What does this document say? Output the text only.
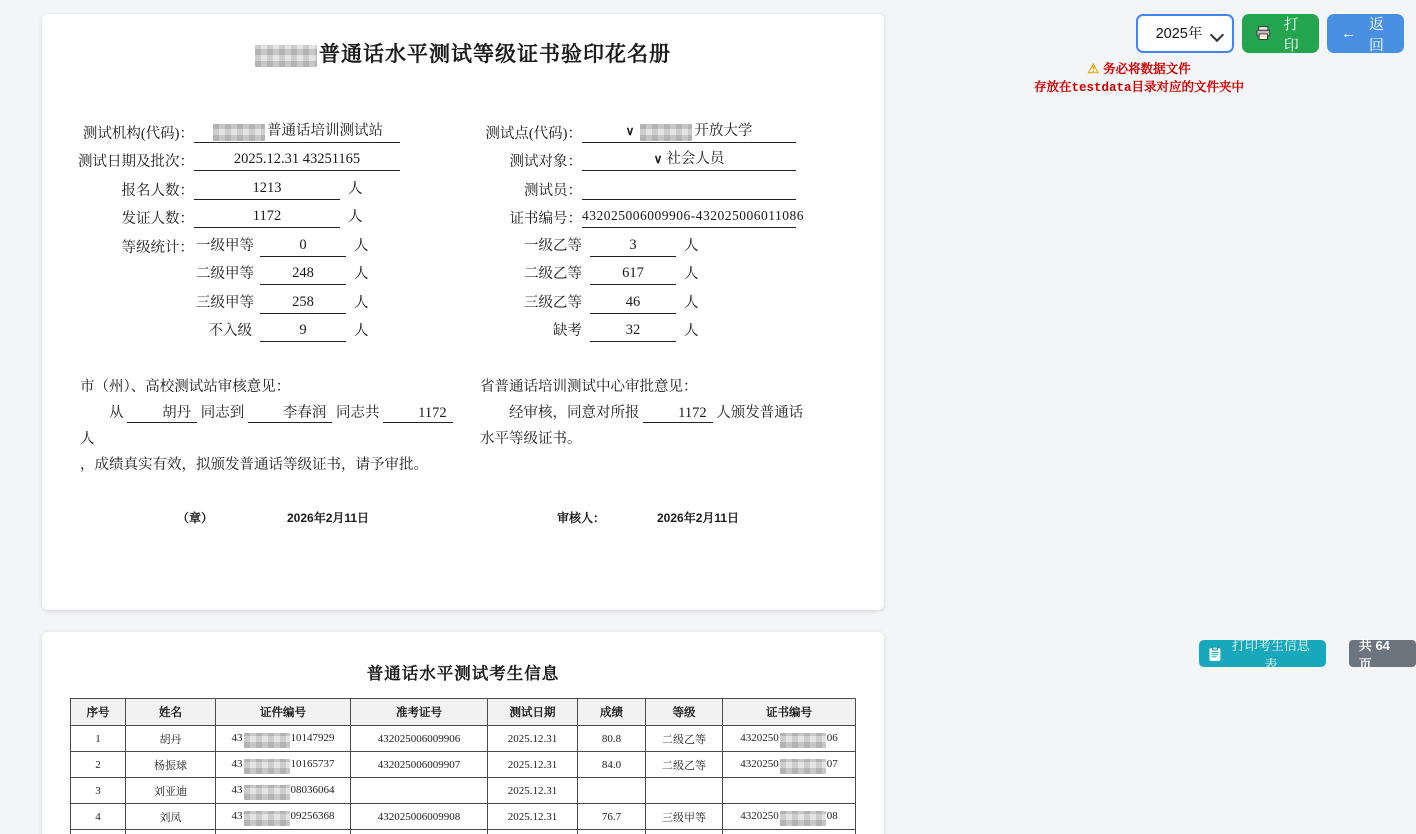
普通话水平测试等级证书验印花名册
测试机构(代码)：	普通话培训测试站
测试日期及批次：	2025.12.31 43251165
报名人数：	1213	人
发证人数：	1172	人
等级统计： 一级甲等	0	人
二级甲等	248	人
三级甲等	258	人
不入级	9	人
测试点(代码)：	∨	开放大学
测试对象：	∨ 社会人员
测试员：
证书编号： 432025006009906-432025006011086
一级乙等	3	人
二级乙等	617	人
三级乙等	46	人
缺考	32	人
市（州）、高校测试站审核意见：
从	胡丹 同志到	李春润 同志共	1172 人
，成绩真实有效，拟颁发普通话等级证书，请予审批。
省普通话培训测试中心审批意见：
经审核，同意对所报	1172 人颁发普通话
水平等级证书。
（章）	2026年2月11日	审核人：	2026年2月11日
普通话水平测试考生信息
序号	姓名	证件编号	准考证号	测试日期	成绩	等级	证书编号
1	胡丹	43 10147929	432025006009906	2025.12.31	80.8	二级乙等	4320250 06
2	杨振球	43 10165737	432025006009907	2025.12.31	84.0	二级乙等	4320250 07
3	刘亚迪	43 08036064		2025.12.31			
4	刘凤	43 09256368	432025006009908	2025.12.31	76.7	三级甲等	4320250 08

2025年
打印
←
返回
⚠ 务必将数据文件
存放在testdata目录对应的文件夹中
打印考生信息表
共 64 页
